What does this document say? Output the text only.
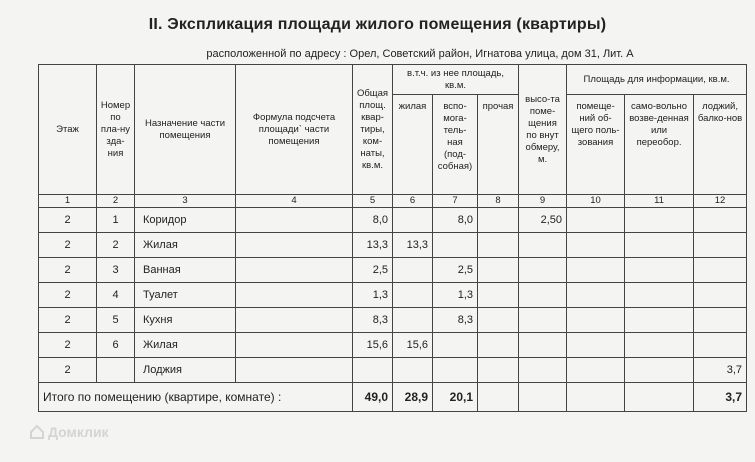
II. Экспликация площади жилого помещения (квартиры)
расположенной по адресу : Орел, Советский район, Игнатова улица, дом 31, Лит. А
Этаж	Номер по пла-ну зда-ния	Назначение части помещения	Формула подсчета площади` части помещения	Общая площ. квар-тиры, ком-наты, кв.м.	в.т.ч. из нее площадь, кв.м.			высо-та поме-щения по внут обмеру, м.	Площадь для информации, кв.м.		
					жилая	вспо-мога-тель-ная (под-собная)	прочая		помеще-ний об-щего поль-зования	само-вольно возве-денная или переобор.	лоджий, балко-нов
1	2	3	4	5	6	7	8	9	10	11	12
2	1	Коридор		8,0		8,0		2,50			
2	2	Жилая		13,3	13,3						
2	3	Ванная		2,5		2,5					
2	4	Туалет		1,3		1,3					
2	5	Кухня		8,3		8,3					
2	6	Жилая		15,6	15,6						
2		Лоджия									3,7
Итого по помещению (квартире, комнате) :				49,0	28,9	20,1					3,7
Домклик
